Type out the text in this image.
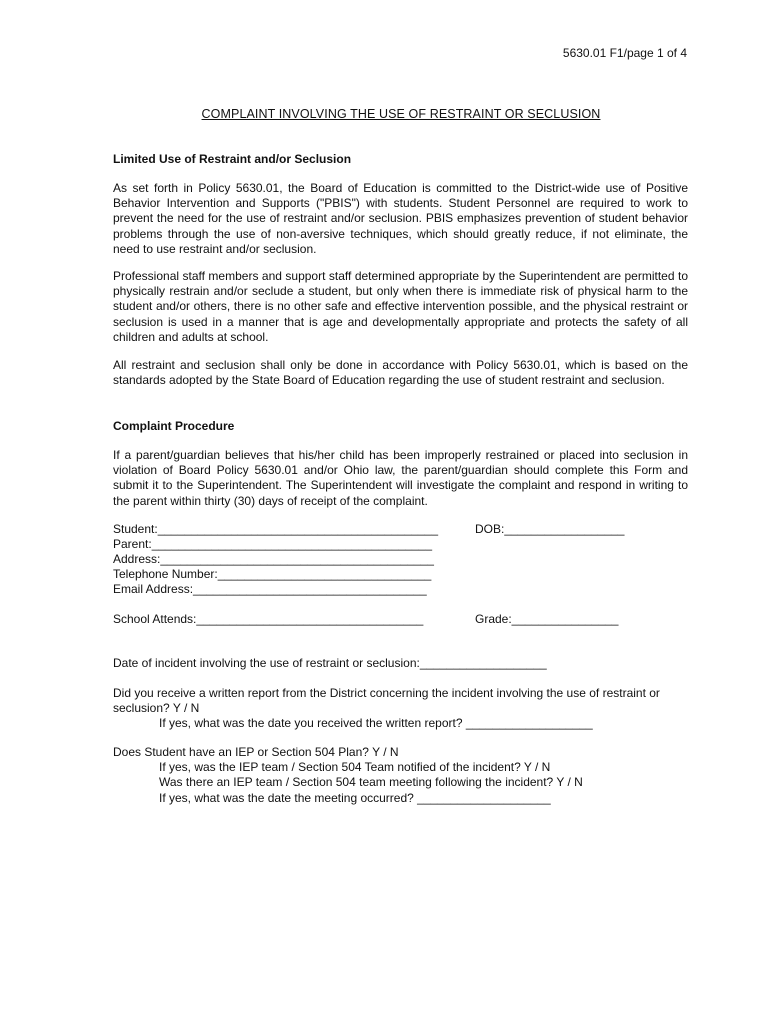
5630.01 F1/page 1 of 4
COMPLAINT INVOLVING THE USE OF RESTRAINT OR SECLUSION
Limited Use of Restraint and/or Seclusion
As set forth in Policy 5630.01, the Board of Education is committed to the District-wide use of Positive Behavior Intervention and Supports ("PBIS") with students. Student Personnel are required to work to prevent the need for the use of restraint and/or seclusion. PBIS emphasizes prevention of student behavior problems through the use of non-aversive techniques, which should greatly reduce, if not eliminate, the need to use restraint and/or seclusion.
Professional staff members and support staff determined appropriate by the Superintendent are permitted to physically restrain and/or seclude a student, but only when there is immediate risk of physical harm to the student and/or others, there is no other safe and effective intervention possible, and the physical restraint or seclusion is used in a manner that is age and developmentally appropriate and protects the safety of all children and adults at school.
All restraint and seclusion shall only be done in accordance with Policy 5630.01, which is based on the standards adopted by the State Board of Education regarding the use of student restraint and seclusion.
Complaint Procedure
If a parent/guardian believes that his/her child has been improperly restrained or placed into seclusion in violation of Board Policy 5630.01 and/or Ohio law, the parent/guardian should complete this Form and submit it to the Superintendent. The Superintendent will investigate the complaint and respond in writing to the parent within thirty (30) days of receipt of the complaint.
Student:__________________________________________	DOB:__________________
Parent:__________________________________________
Address:_________________________________________
Telephone Number:________________________________
Email Address:___________________________________
School Attends:__________________________________	Grade:________________
Date of incident involving the use of restraint or seclusion:___________________
Did you receive a written report from the District concerning the incident involving the use of restraint or seclusion? Y / N
If yes, what was the date you received the written report? ___________________
Does Student have an IEP or Section 504 Plan? Y / N
If yes, was the IEP team / Section 504 Team notified of the incident? Y / N
Was there an IEP team / Section 504 team meeting following the incident? Y / N
If yes, what was the date the meeting occurred? ____________________
